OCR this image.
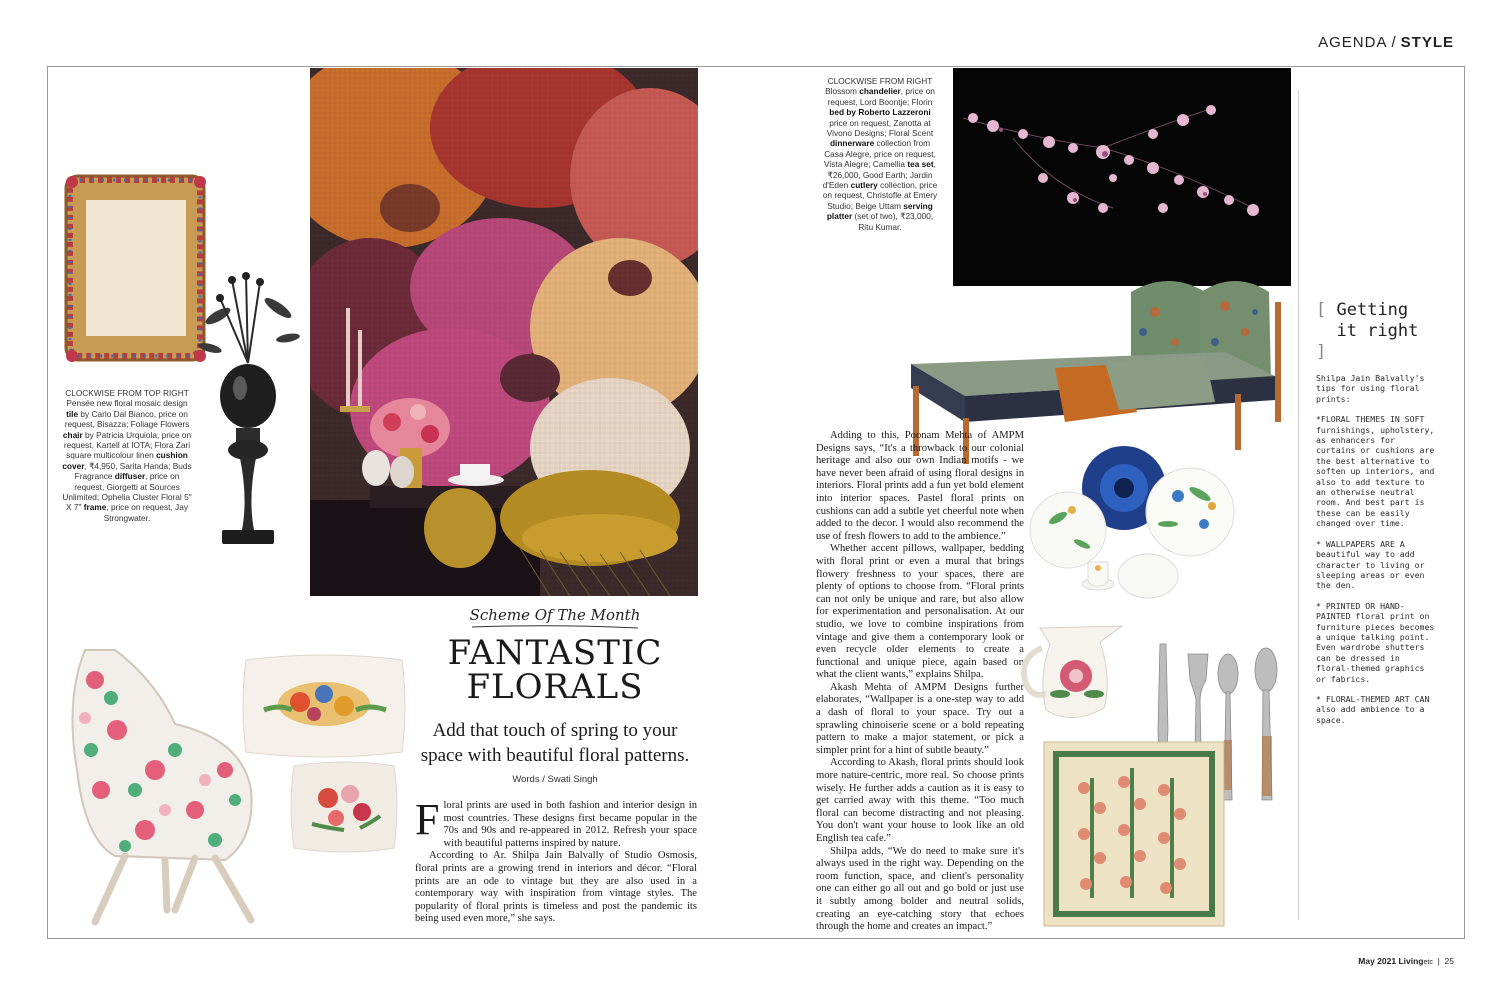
AGENDA / STYLE
CLOCKWISE FROM TOP RIGHT
Pensée new floral mosaic design tile by Carlo Dal Bianco, price on request, Bisazza; Foliage Flowers chair by Patricia Urquiola, price on request, Kartell at IOTA; Flora Zari square multicolour linen cushion cover, ₹4,950, Sarita Handa; Buds Fragrance diffuser, price on request, Giorgetti at Sources Unlimited; Ophelia Cluster Floral 5" X 7" frame, price on request, Jay Strongwater.
Scheme Of The Month
FANTASTIC
FLORALS
Add that touch of spring to your space with beautiful floral patterns.
Words / Swati Singh

Floral prints are used in both fashion and interior design in most countries. These designs first became popular in the 70s and 90s and re-appeared in 2012. Refresh your space with beautiful patterns inspired by nature.

According to Ar. Shilpa Jain Balvally of Studio Osmosis, floral prints are a growing trend in interiors and décor. “Floral prints are an ode to vintage but they are also used in a contemporary way with inspiration from vintage styles. The popularity of floral prints is timeless and post the pandemic its being used even more,” she says.

CLOCKWISE FROM RIGHT
Blossom chandelier, price on request, Lord Boontje; Florin bed by Roberto Lazzeroni price on request, Zanotta at Vivono Designs; Floral Scent dinnerware collection from Casa Alegre, price on request, Vista Alegre; Camellia tea set, ₹26,000, Good Earth; Jardin d'Eden cutlery collection, price on request, Christofle at Emery Studio; Beige Uttam serving platter (set of two), ₹23,000, Ritu Kumar.

Adding to this, Poonam Mehta of AMPM Designs says, “It's a throwback to our colonial heritage and also our own Indian motifs - we have never been afraid of using floral designs in interiors. Floral prints add a fun yet bold element into interior spaces. Pastel floral prints on cushions can add a subtle yet cheerful note when added to the decor. I would also recommend the use of fresh flowers to add to the ambience.”

Whether accent pillows, wallpaper, bedding with floral print or even a mural that brings flowery freshness to your spaces, there are plenty of options to choose from. “Floral prints can not only be unique and rare, but also allow for experimentation and personalisation. At our studio, we love to combine inspirations from vintage and give them a contemporary look or even recycle older elements to create a functional and unique piece, again based on what the client wants,” explains Shilpa.

Akash Mehta of AMPM Designs further elaborates, “Wallpaper is a one-step way to add a dash of floral to your space. Try out a sprawling chinoiserie scene or a bold repeating pattern to make a major statement, or pick a simpler print for a hint of subtle beauty.”

According to Akash, floral prints should look more nature-centric, more real. So choose prints wisely. He further adds a caution as it is easy to get carried away with this theme. “Too much floral can become distracting and not pleasing. You don't want your house to look like an old English tea cafe.”

Shilpa adds, “We do need to make sure it's always used in the right way. Depending on the room function, space, and client's personality one can either go all out and go bold or just use it subtly among bolder and neutral solids, creating an eye-catching story that echoes through the home and creates an impact.”

[ Getting
it right ]

Shilpa Jain Balvally's tips for using floral prints:

*FLORAL THEMES IN SOFT furnishings, upholstery, as enhancers for curtains or cushions are the best alternative to soften up interiors, and also to add texture to an otherwise neutral room. And best part is these can be easily changed over time.

* WALLPAPERS ARE A beautiful way to add character to living or sleeping areas or even the den.

* PRINTED OR HAND-PAINTED floral print on furniture pieces becomes a unique talking point. Even wardrobe shutters can be dressed in floral-themed graphics or fabrics.

* FLORAL-THEMED ART CAN also add ambience to a space.

May 2021 Livingetc | 25
